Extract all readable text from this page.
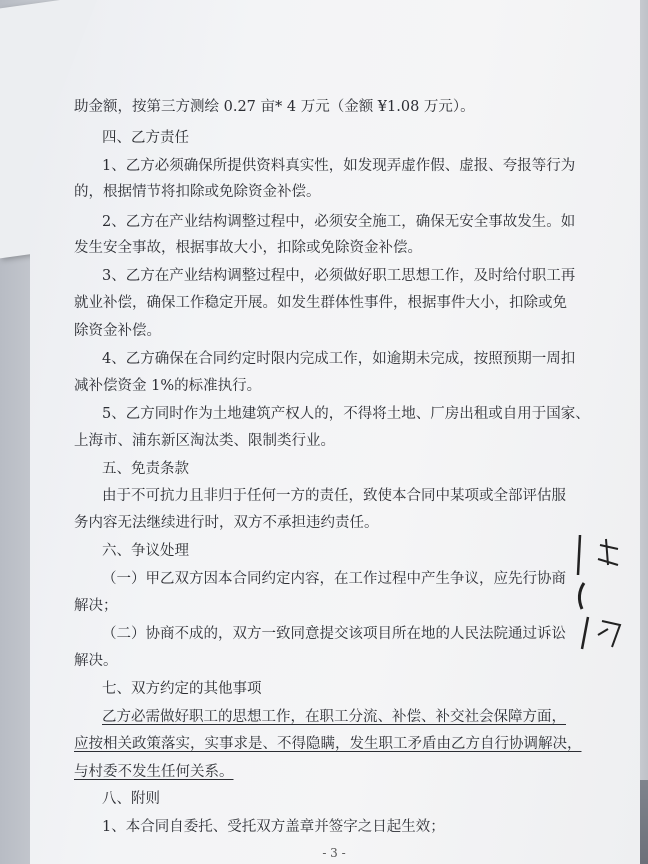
助金额，按第三方测绘 0.27 亩* 4 万元（金额 ¥1.08 万元）。
四、乙方责任
1、乙方必须确保所提供资料真实性，如发现弄虚作假、虚报、夸报等行为
的，根据情节将扣除或免除资金补偿。
2、乙方在产业结构调整过程中，必须安全施工，确保无安全事故发生。如
发生安全事故，根据事故大小，扣除或免除资金补偿。
3、乙方在产业结构调整过程中，必须做好职工思想工作，及时给付职工再
就业补偿，确保工作稳定开展。如发生群体性事件，根据事件大小，扣除或免
除资金补偿。
4、乙方确保在合同约定时限内完成工作，如逾期未完成，按照预期一周扣
减补偿资金 1%的标准执行。
5、乙方同时作为土地建筑产权人的，不得将土地、厂房出租或自用于国家、
上海市、浦东新区淘汰类、限制类行业。
五、免责条款
由于不可抗力且非归于任何一方的责任，致使本合同中某项或全部评估服
务内容无法继续进行时，双方不承担违约责任。
六、争议处理
（一）甲乙双方因本合同约定内容，在工作过程中产生争议，应先行协商
解决；
（二）协商不成的，双方一致同意提交该项目所在地的人民法院通过诉讼
解决。
七、双方约定的其他事项
乙方必需做好职工的思想工作，在职工分流、补偿、补交社会保障方面，
应按相关政策落实，实事求是、不得隐瞒，发生职工矛盾由乙方自行协调解决，
与村委不发生任何关系。
- 3 -
八、附则
1、本合同自委托、受托双方盖章并签字之日起生效；
